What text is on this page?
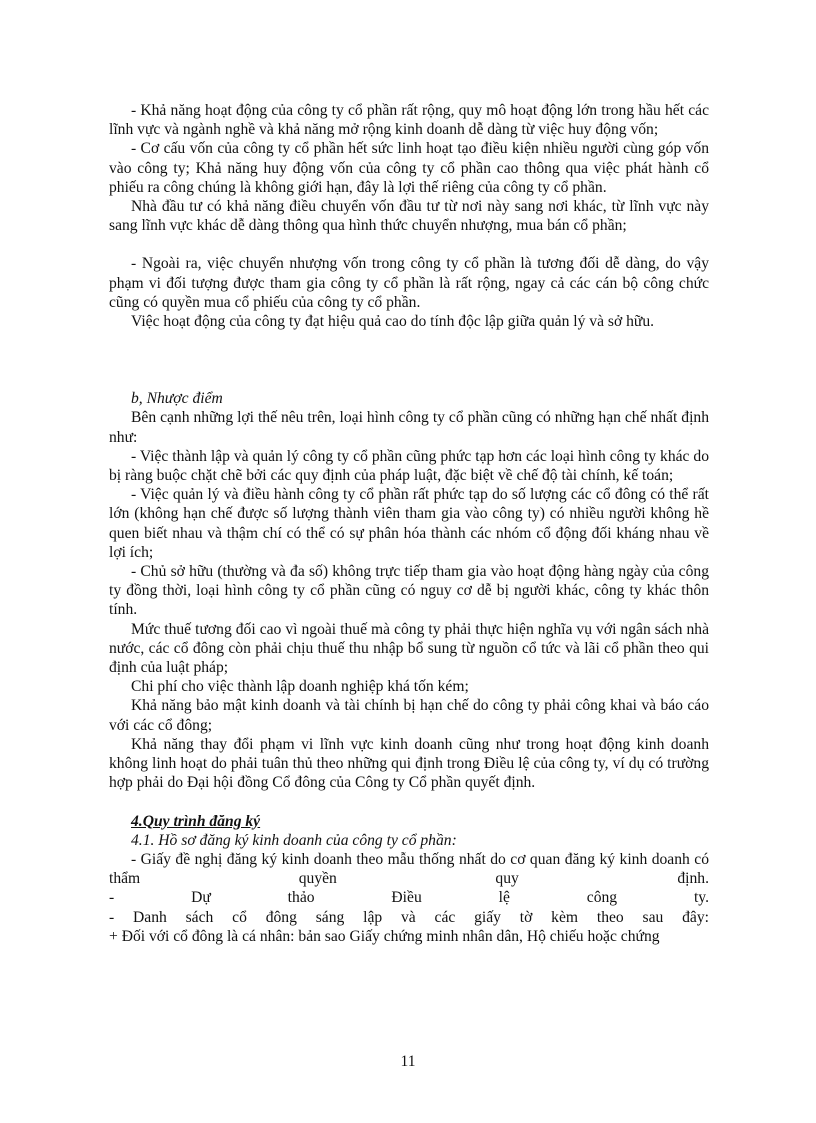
- Khả năng hoạt động của công ty cổ phần rất rộng, quy mô hoạt động lớn trong hầu hết các lĩnh vực và ngành nghề và khả năng mở rộng kinh doanh dễ dàng từ việc huy động vốn;

- Cơ cấu vốn của công ty cổ phần hết sức linh hoạt tạo điều kiện nhiều người cùng góp vốn vào công ty; Khả năng huy động vốn của công ty cổ phần cao thông qua việc phát hành cổ phiếu ra công chúng là không giới hạn, đây là lợi thế riêng của công ty cổ phần.

Nhà đầu tư có khả năng điều chuyển vốn đầu tư từ nơi này sang nơi khác, từ lĩnh vực này sang lĩnh vực khác dễ dàng thông qua hình thức chuyển nhượng, mua bán cổ phần;

- Ngoài ra, việc chuyển nhượng vốn trong công ty cổ phần là tương đối dễ dàng, do vậy phạm vi đối tượng được tham gia công ty cổ phần là rất rộng, ngay cả các cán bộ công chức cũng có quyền mua cổ phiếu của công ty cổ phần.

Việc hoạt động của công ty đạt hiệu quả cao do tính độc lập giữa quản lý và sở hữu.

b, Nhược điểm

Bên cạnh những lợi thế nêu trên, loại hình công ty cổ phần cũng có những hạn chế nhất định như:

- Việc thành lập và quản lý công ty cổ phần cũng phức tạp hơn các loại hình công ty khác do bị ràng buộc chặt chẽ bởi các quy định của pháp luật, đặc biệt về chế độ tài chính, kế toán;

- Việc quản lý và điều hành công ty cổ phần rất phức tạp do số lượng các cổ đông có thể rất lớn (không hạn chế được số lượng thành viên tham gia vào công ty) có nhiều người không hề quen biết nhau và thậm chí có thể có sự phân hóa thành các nhóm cổ động đối kháng nhau về lợi ích;

- Chủ sở hữu (thường và đa số) không trực tiếp tham gia vào hoạt động hàng ngày của công ty đồng thời, loại hình công ty cổ phần cũng có nguy cơ dễ bị người khác, công ty khác thôn tính.

Mức thuế tương đối cao vì ngoài thuế mà công ty phải thực hiện nghĩa vụ với ngân sách nhà nước, các cổ đông còn phải chịu thuế thu nhập bổ sung từ nguồn cổ tức và lãi cổ phần theo qui định của luật pháp;

Chi phí cho việc thành lập doanh nghiệp khá tốn kém;

Khả năng bảo mật kinh doanh và tài chính bị hạn chế do công ty phải công khai và báo cáo với các cổ đông;

Khả năng thay đổi phạm vi lĩnh vực kinh doanh cũng như trong hoạt động kinh doanh không linh hoạt do phải tuân thủ theo những qui định trong Điều lệ của công ty, ví dụ có trường hợp phải do Đại hội đồng Cổ đông của Công ty Cổ phần quyết định.

4.Quy trình đăng ký

4.1. Hồ sơ đăng ký kinh doanh của công ty cổ phần:

- Giấy đề nghị đăng ký kinh doanh theo mẫu thống nhất do cơ quan đăng ký kinh doanh có thẩm quyền quy định.

- Dự thảo Điều lệ công ty.

- Danh sách cổ đông sáng lập và các giấy tờ kèm theo sau đây:

+ Đối với cổ đông là cá nhân: bản sao Giấy chứng minh nhân dân, Hộ chiếu hoặc chứng

11
